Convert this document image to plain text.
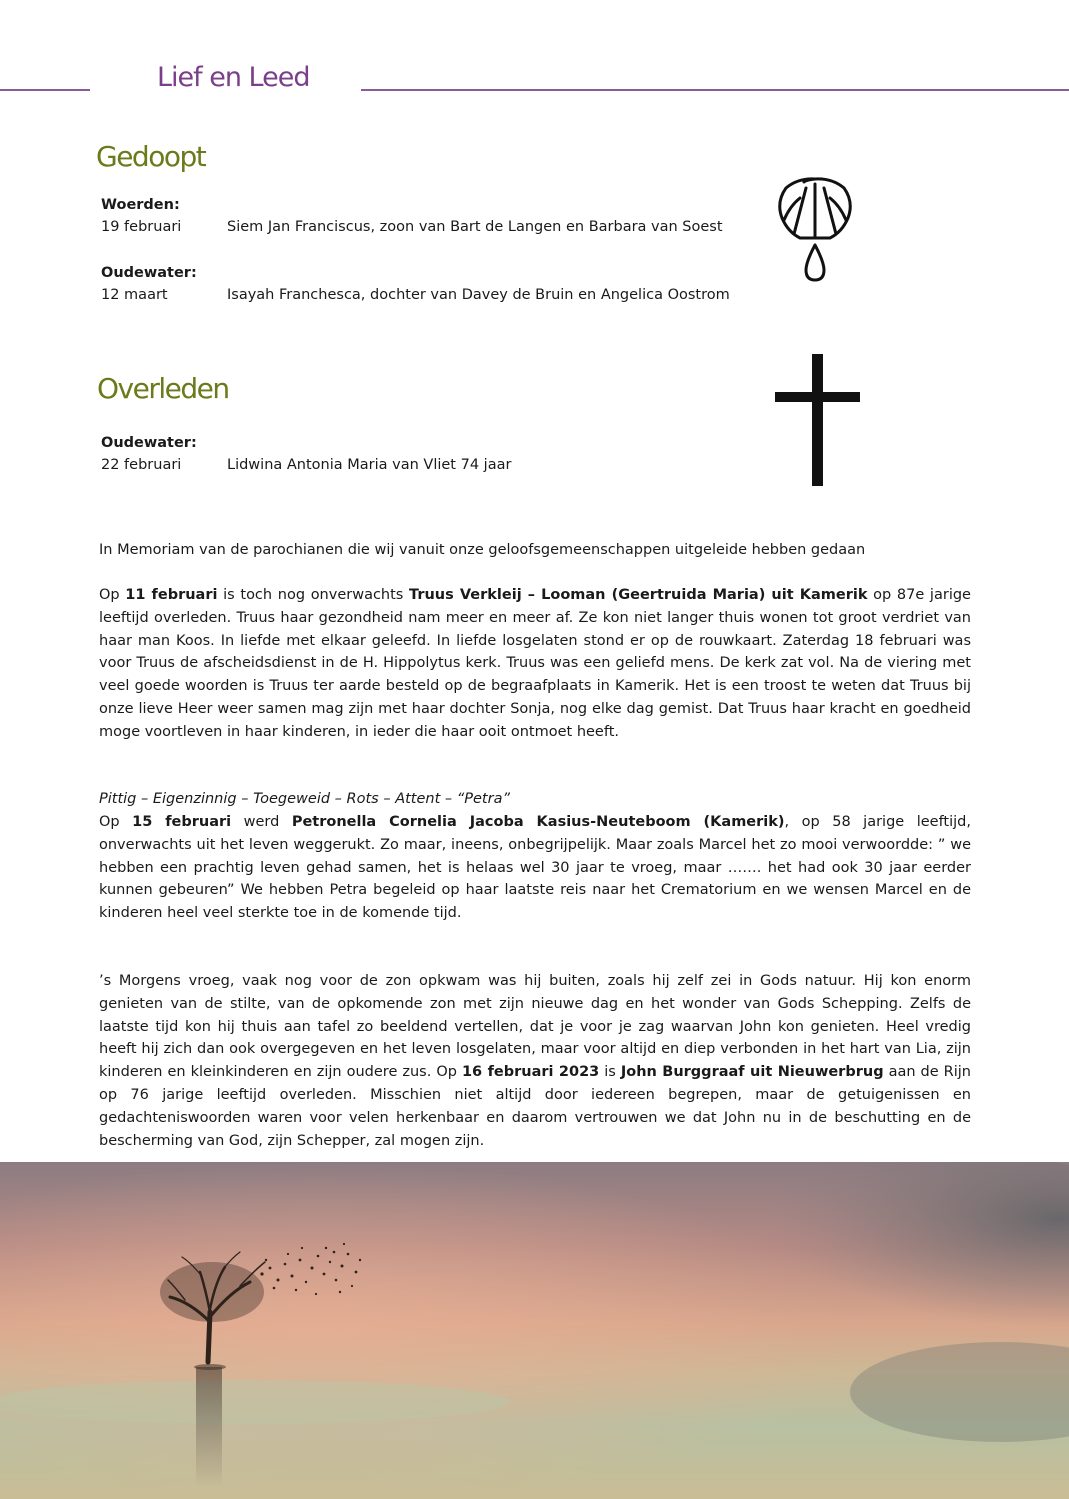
Lief en Leed
Gedoopt
Woerden:
19 februari	Siem Jan Franciscus, zoon van Bart de Langen en Barbara van Soest
Oudewater:
12 maart	Isayah Franchesca, dochter van Davey de Bruin en Angelica Oostrom
Overleden
Oudewater:
22 februari	Lidwina Antonia Maria van Vliet 74 jaar

In Memoriam van de parochianen die wij vanuit onze geloofsgemeenschappen uitgeleide hebben gedaan

Op 11 februari is toch nog onverwachts Truus Verkleij – Looman (Geertruida Maria) uit Kamerik op 87e jarige leeftijd overleden. Truus haar gezondheid nam meer en meer af. Ze kon niet langer thuis wonen tot groot verdriet van haar man Koos. In liefde met elkaar geleefd. In liefde losgelaten stond er op de rouwkaart. Zaterdag 18 februari was voor Truus de afscheidsdienst in de H. Hippolytus kerk. Truus was een geliefd mens. De kerk zat vol. Na de viering met veel goede woorden is Truus ter aarde besteld op de begraafplaats in Kamerik. Het is een troost te weten dat Truus bij onze lieve Heer weer samen mag zijn met haar dochter Sonja, nog elke dag gemist. Dat Truus haar kracht en goedheid moge voortleven in haar kinderen, in ieder die haar ooit ontmoet heeft.

Pittig – Eigenzinnig – Toegeweid – Rots – Attent – “Petra”

Op 15 februari werd Petronella Cornelia Jacoba Kasius-Neuteboom (Kamerik), op 58 jarige leeftijd, onverwachts uit het leven weggerukt. Zo maar, ineens, onbegrijpelijk. Maar zoals Marcel het zo mooi verwoordde: ” we hebben een prachtig leven gehad samen, het is helaas wel 30 jaar te vroeg, maar ……. het had ook 30 jaar eerder kunnen gebeuren” We hebben Petra begeleid op haar laatste reis naar het Crematorium en we wensen Marcel en de kinderen heel veel sterkte toe in de komende tijd.

’s Morgens vroeg, vaak nog voor de zon opkwam was hij buiten, zoals hij zelf zei in Gods natuur. Hij kon enorm genieten van de stilte, van de opkomende zon met zijn nieuwe dag en het wonder van Gods Schepping. Zelfs de laatste tijd kon hij thuis aan tafel zo beeldend vertellen, dat je voor je zag waarvan John kon genieten. Heel vredig heeft hij zich dan ook overgegeven en het leven losgelaten, maar voor altijd en diep verbonden in het hart van Lia, zijn kinderen en kleinkinderen en zijn oudere zus. Op 16 februari 2023 is John Burggraaf uit Nieuwerbrug aan de Rijn op 76 jarige leeftijd overleden. Misschien niet altijd door iedereen begrepen, maar de getuigenissen en gedachteniswoorden waren voor velen herkenbaar en daarom vertrouwen we dat John nu in de beschutting en de bescherming van God, zijn Schepper, zal mogen zijn.
